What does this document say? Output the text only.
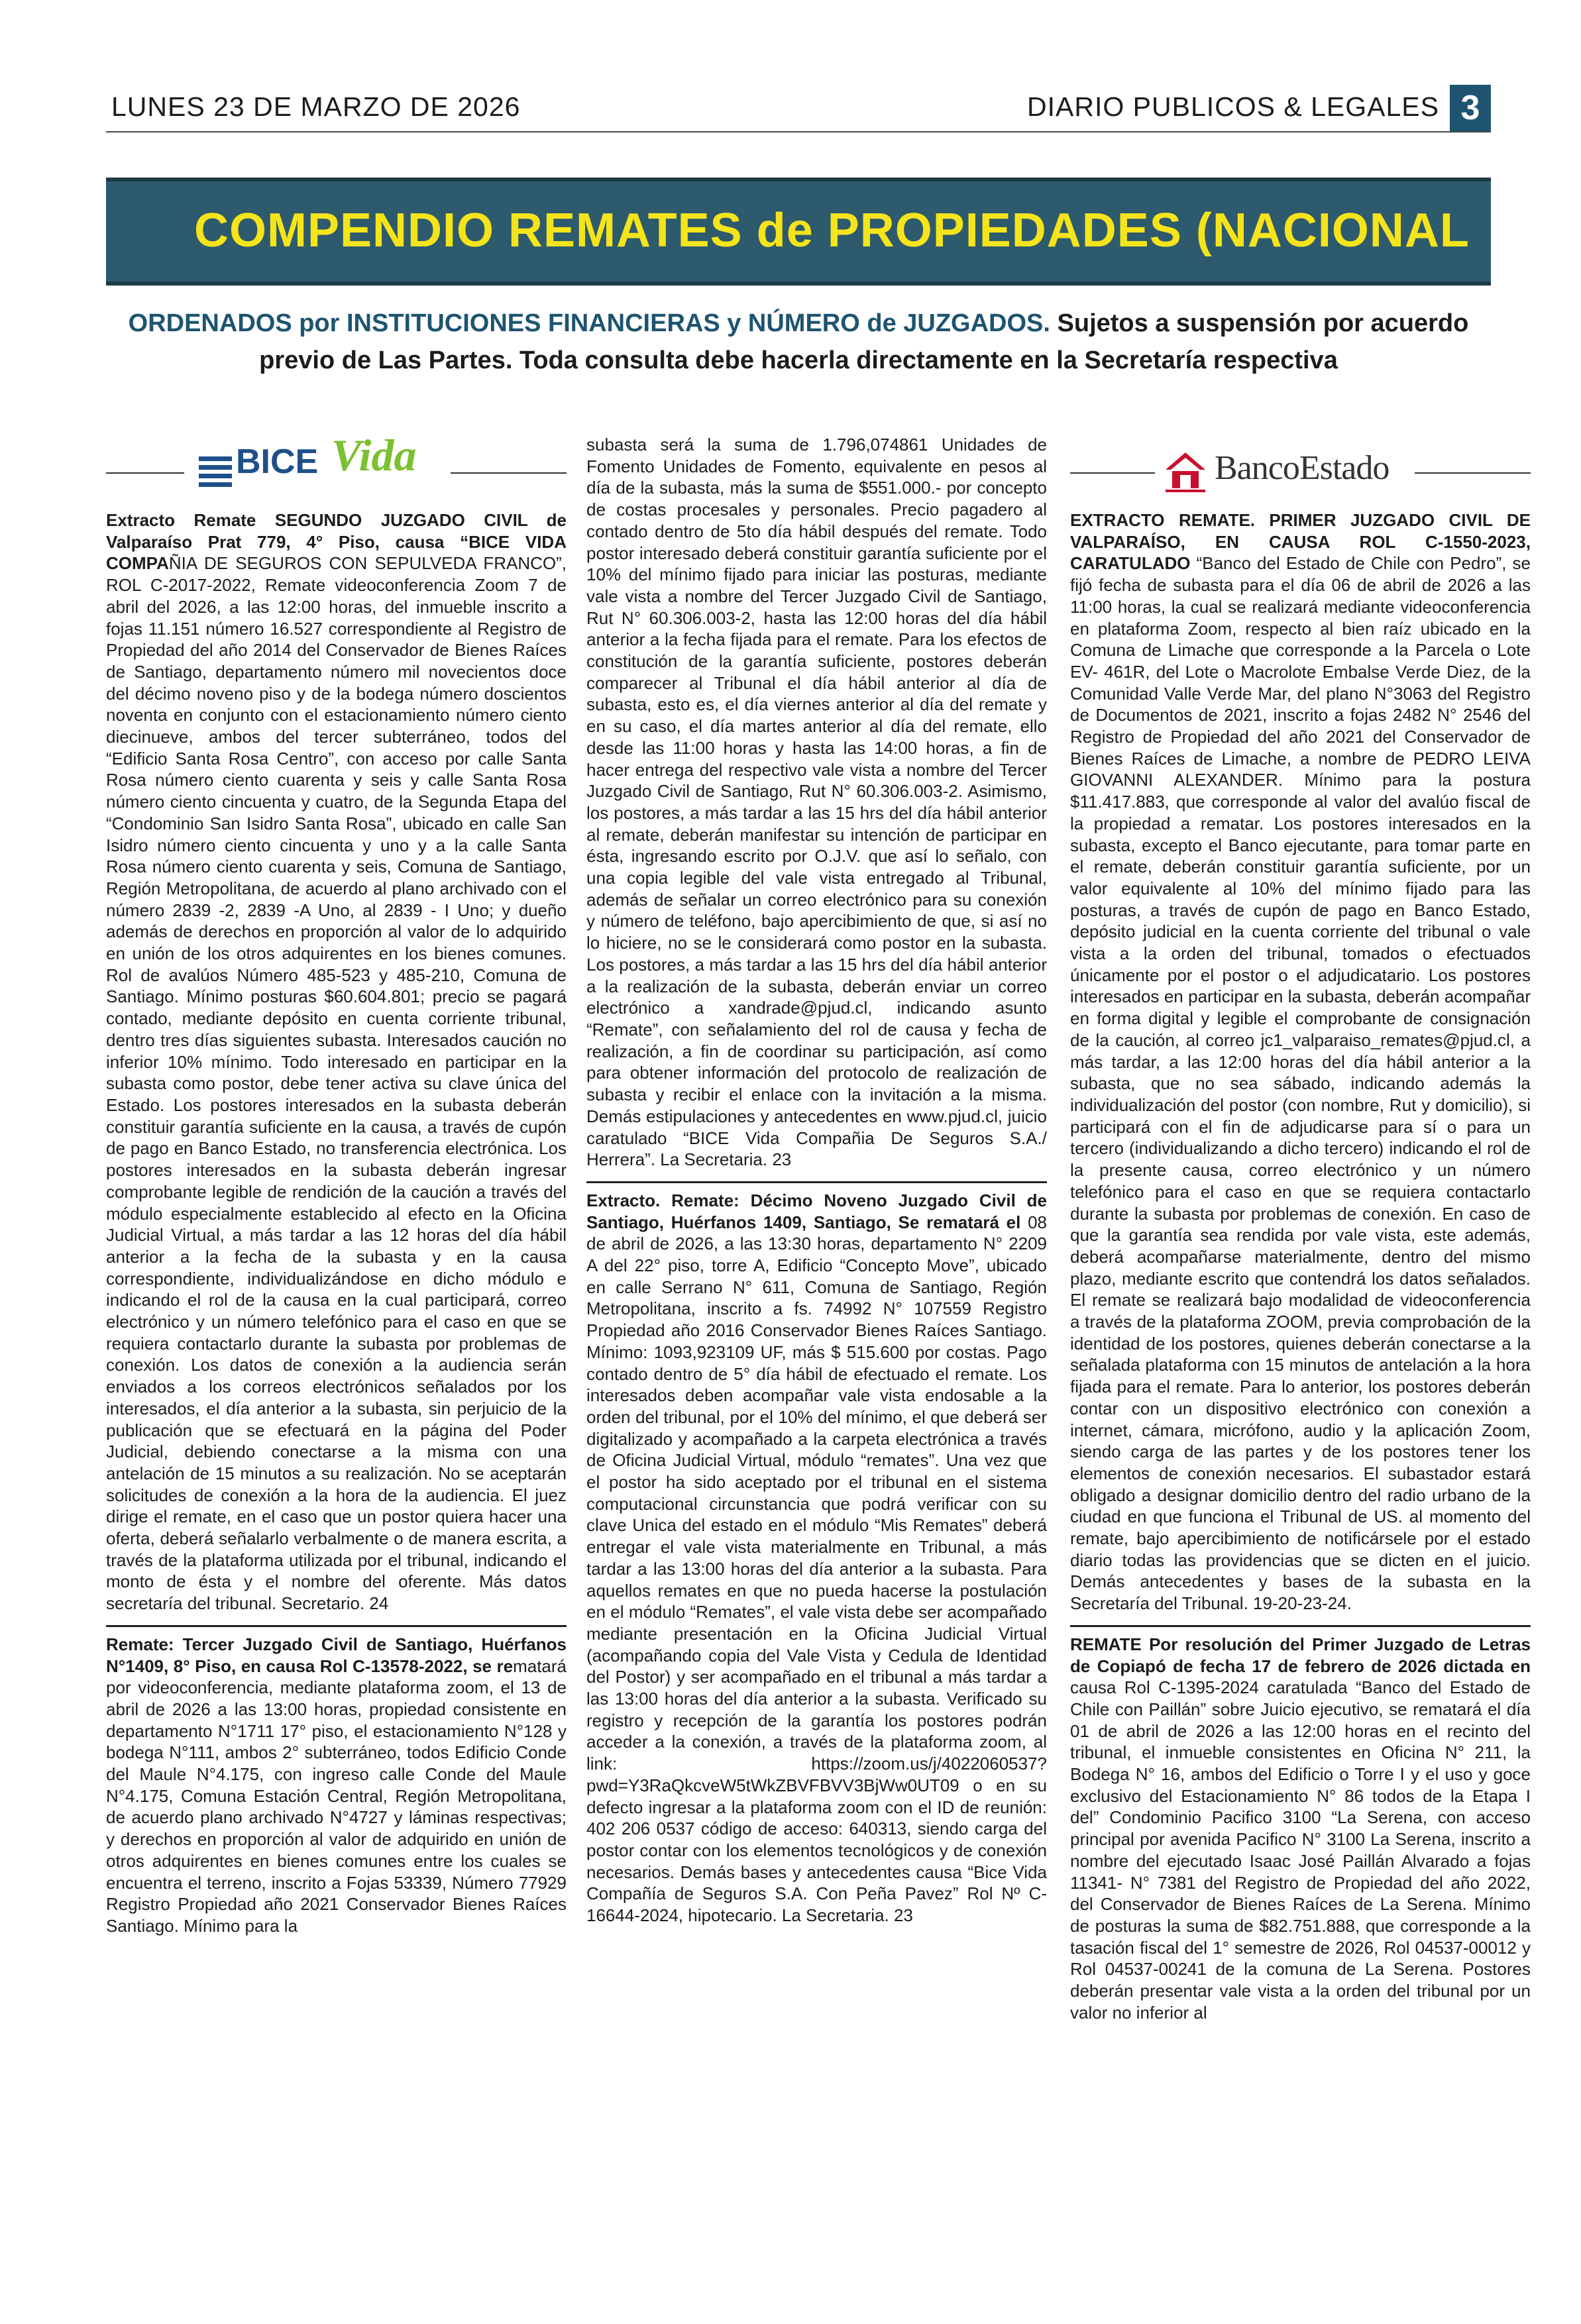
LUNES 23 DE MARZO DE 2026	DIARIO PUBLICOS & LEGALES 3
COMPENDIO REMATES de PROPIEDADES (NACIONAL
ORDENADOS por INSTITUCIONES FINANCIERAS y NÚMERO de JUZGADOS. Sujetos a suspensión por acuerdo previo de Las Partes. Toda consulta debe hacerla directamente en la Secretaría respectiva
BICE Vida

Extracto Remate SEGUNDO JUZGADO CIVIL de Valparaíso Prat 779, 4° Piso, causa “BICE VIDA COMPAÑIA DE SEGUROS CON SEPULVEDA FRANCO”, ROL C-2017-2022, Remate videoconferencia Zoom 7 de abril del 2026, a las 12:00 horas, del inmueble inscrito a fojas 11.151 número 16.527 correspondiente al Registro de Propiedad del año 2014 del Conservador de Bienes Raíces de Santiago, departamento número mil novecientos doce del décimo noveno piso y de la bodega número doscientos noventa en conjunto con el estacionamiento número ciento diecinueve, ambos del tercer subterráneo, todos del “Edificio Santa Rosa Centro”, con acceso por calle Santa Rosa número ciento cuarenta y seis y calle Santa Rosa número ciento cincuenta y cuatro, de la Segunda Etapa del “Condominio San Isidro Santa Rosa”, ubicado en calle San Isidro número ciento cincuenta y uno y a la calle Santa Rosa número ciento cuarenta y seis, Comuna de Santiago, Región Metropolitana, de acuerdo al plano archivado con el número 2839 -2, 2839 -A Uno, al 2839 - I Uno; y dueño además de derechos en proporción al valor de lo adquirido en unión de los otros adquirentes en los bienes comunes. Rol de avalúos Número 485-523 y 485-210, Comuna de Santiago. Mínimo posturas $60.604.801; precio se pagará contado, mediante depósito en cuenta corriente tribunal, dentro tres días siguientes subasta. Interesados caución no inferior 10% mínimo. Todo interesado en participar en la subasta como postor, debe tener activa su clave única del Estado. Los postores interesados en la subasta deberán constituir garantía suficiente en la causa, a través de cupón de pago en Banco Estado, no transferencia electrónica. Los postores interesados en la subasta deberán ingresar comprobante legible de rendición de la caución a través del módulo especialmente establecido al efecto en la Oficina Judicial Virtual, a más tardar a las 12 horas del día hábil anterior a la fecha de la subasta y en la causa correspondiente, individualizándose en dicho módulo e indicando el rol de la causa en la cual participará, correo electrónico y un número telefónico para el caso en que se requiera contactarlo durante la subasta por problemas de conexión. Los datos de conexión a la audiencia serán enviados a los correos electrónicos señalados por los interesados, el día anterior a la subasta, sin perjuicio de la publicación que se efectuará en la página del Poder Judicial, debiendo conectarse a la misma con una antelación de 15 minutos a su realización. No se aceptarán solicitudes de conexión a la hora de la audiencia. El juez dirige el remate, en el caso que un postor quiera hacer una oferta, deberá señalarlo verbalmente o de manera escrita, a través de la plataforma utilizada por el tribunal, indicando el monto de ésta y el nombre del oferente. Más datos secretaría del tribunal. Secretario. 24

Remate: Tercer Juzgado Civil de Santiago, Huérfanos N°1409, 8° Piso, en causa Rol C-13578-2022, se rematará por videoconferencia, mediante plataforma zoom, el 13 de abril de 2026 a las 13:00 horas, propiedad consistente en departamento N°1711 17° piso, el estacionamiento N°128 y bodega N°111, ambos 2° subterráneo, todos Edificio Conde del Maule N°4.175, con ingreso calle Conde del Maule N°4.175, Comuna Estación Central, Región Metropolitana, de acuerdo plano archivado N°4727 y láminas respectivas; y derechos en proporción al valor de adquirido en unión de otros adquirentes en bienes comunes entre los cuales se encuentra el terreno, inscrito a Fojas 53339, Número 77929 Registro Propiedad año 2021 Conservador Bienes Raíces Santiago. Mínimo para la

subasta será la suma de 1.796,074861 Unidades de Fomento Unidades de Fomento, equivalente en pesos al día de la subasta, más la suma de $551.000.- por concepto de costas procesales y personales. Precio pagadero al contado dentro de 5to día hábil después del remate. Todo postor interesado deberá constituir garantía suficiente por el 10% del mínimo fijado para iniciar las posturas, mediante vale vista a nombre del Tercer Juzgado Civil de Santiago, Rut N° 60.306.003-2, hasta las 12:00 horas del día hábil anterior a la fecha fijada para el remate. Para los efectos de constitución de la garantía suficiente, postores deberán comparecer al Tribunal el día hábil anterior al día de subasta, esto es, el día viernes anterior al día del remate y en su caso, el día martes anterior al día del remate, ello desde las 11:00 horas y hasta las 14:00 horas, a fin de hacer entrega del respectivo vale vista a nombre del Tercer Juzgado Civil de Santiago, Rut N° 60.306.003-2. Asimismo, los postores, a más tardar a las 15 hrs del día hábil anterior al remate, deberán manifestar su intención de participar en ésta, ingresando escrito por O.J.V. que así lo señalo, con una copia legible del vale vista entregado al Tribunal, además de señalar un correo electrónico para su conexión y número de teléfono, bajo apercibimiento de que, si así no lo hiciere, no se le considerará como postor en la subasta. Los postores, a más tardar a las 15 hrs del día hábil anterior a la realización de la subasta, deberán enviar un correo electrónico a xandrade@pjud.cl, indicando asunto “Remate”, con señalamiento del rol de causa y fecha de realización, a fin de coordinar su participación, así como para obtener información del protocolo de realización de subasta y recibir el enlace con la invitación a la misma. Demás estipulaciones y antecedentes en www.pjud.cl, juicio caratulado “BICE Vida Compañia De Seguros S.A./ Herrera”. La Secretaria. 23

Extracto. Remate: Décimo Noveno Juzgado Civil de Santiago, Huérfanos 1409, Santiago, Se rematará el 08 de abril de 2026, a las 13:30 horas, departamento N° 2209 A del 22° piso, torre A, Edificio “Concepto Move”, ubicado en calle Serrano N° 611, Comuna de Santiago, Región Metropolitana, inscrito a fs. 74992 N° 107559 Registro Propiedad año 2016 Conservador Bienes Raíces Santiago. Mínimo: 1093,923109 UF, más $ 515.600 por costas. Pago contado dentro de 5° día hábil de efectuado el remate. Los interesados deben acompañar vale vista endosable a la orden del tribunal, por el 10% del mínimo, el que deberá ser digitalizado y acompañado a la carpeta electrónica a través de Oficina Judicial Virtual, módulo “remates”. Una vez que el postor ha sido aceptado por el tribunal en el sistema computacional circunstancia que podrá verificar con su clave Unica del estado en el módulo “Mis Remates” deberá entregar el vale vista materialmente en Tribunal, a más tardar a las 13:00 horas del día anterior a la subasta. Para aquellos remates en que no pueda hacerse la postulación en el módulo “Remates”, el vale vista debe ser acompañado mediante presentación en la Oficina Judicial Virtual (acompañando copia del Vale Vista y Cedula de Identidad del Postor) y ser acompañado en el tribunal a más tardar a las 13:00 horas del día anterior a la subasta. Verificado su registro y recepción de la garantía los postores podrán acceder a la conexión, a través de la plataforma zoom, al link: https://zoom.us/j/4022060537?pwd=Y3RaQkcveW5tWkZBVFBVV3BjWw0UT09 o en su defecto ingresar a la plataforma zoom con el ID de reunión: 402 206 0537 código de acceso: 640313, siendo carga del postor contar con los elementos tecnológicos y de conexión necesarios. Demás bases y antecedentes causa “Bice Vida Compañía de Seguros S.A. Con Peña Pavez” Rol Nº C-16644-2024, hipotecario. La Secretaria. 23

BancoEstado

EXTRACTO REMATE. PRIMER JUZGADO CIVIL DE VALPARAÍSO, EN CAUSA ROL C-1550-2023, CARATULADO “Banco del Estado de Chile con Pedro”, se fijó fecha de subasta para el día 06 de abril de 2026 a las 11:00 horas, la cual se realizará mediante videoconferencia en plataforma Zoom, respecto al bien raíz ubicado en la Comuna de Limache que corresponde a la Parcela o Lote EV- 461R, del Lote o Macrolote Embalse Verde Diez, de la Comunidad Valle Verde Mar, del plano N°3063 del Registro de Documentos de 2021, inscrito a fojas 2482 N° 2546 del Registro de Propiedad del año 2021 del Conservador de Bienes Raíces de Limache, a nombre de PEDRO LEIVA GIOVANNI ALEXANDER. Mínimo para la postura $11.417.883, que corresponde al valor del avalúo fiscal de la propiedad a rematar. Los postores interesados en la subasta, excepto el Banco ejecutante, para tomar parte en el remate, deberán constituir garantía suficiente, por un valor equivalente al 10% del mínimo fijado para las posturas, a través de cupón de pago en Banco Estado, depósito judicial en la cuenta corriente del tribunal o vale vista a la orden del tribunal, tomados o efectuados únicamente por el postor o el adjudicatario. Los postores interesados en participar en la subasta, deberán acompañar en forma digital y legible el comprobante de consignación de la caución, al correo jc1_valparaiso_remates@pjud.cl, a más tardar, a las 12:00 horas del día hábil anterior a la subasta, que no sea sábado, indicando además la individualización del postor (con nombre, Rut y domicilio), si participará con el fin de adjudicarse para sí o para un tercero (individualizando a dicho tercero) indicando el rol de la presente causa, correo electrónico y un número telefónico para el caso en que se requiera contactarlo durante la subasta por problemas de conexión. En caso de que la garantía sea rendida por vale vista, este además, deberá acompañarse materialmente, dentro del mismo plazo, mediante escrito que contendrá los datos señalados. El remate se realizará bajo modalidad de videoconferencia a través de la plataforma ZOOM, previa comprobación de la identidad de los postores, quienes deberán conectarse a la señalada plataforma con 15 minutos de antelación a la hora fijada para el remate. Para lo anterior, los postores deberán contar con un dispositivo electrónico con conexión a internet, cámara, micrófono, audio y la aplicación Zoom, siendo carga de las partes y de los postores tener los elementos de conexión necesarios. El subastador estará obligado a designar domicilio dentro del radio urbano de la ciudad en que funciona el Tribunal de US. al momento del remate, bajo apercibimiento de notificársele por el estado diario todas las providencias que se dicten en el juicio. Demás antecedentes y bases de la subasta en la Secretaría del Tribunal. 19-20-23-24.

REMATE Por resolución del Primer Juzgado de Letras de Copiapó de fecha 17 de febrero de 2026 dictada en causa Rol C-1395-2024 caratulada “Banco del Estado de Chile con Paillán” sobre Juicio ejecutivo, se rematará el día 01 de abril de 2026 a las 12:00 horas en el recinto del tribunal, el inmueble consistentes en Oficina N° 211, la Bodega N° 16, ambos del Edificio o Torre I y el uso y goce exclusivo del Estacionamiento N° 86 todos de la Etapa I del” Condominio Pacifico 3100 “La Serena, con acceso principal por avenida Pacifico N° 3100 La Serena, inscrito a nombre del ejecutado Isaac José Paillán Alvarado a fojas 11341- N° 7381 del Registro de Propiedad del año 2022, del Conservador de Bienes Raíces de La Serena. Mínimo de posturas la suma de $82.751.888, que corresponde a la tasación fiscal del 1° semestre de 2026, Rol 04537-00012 y Rol 04537-00241 de la comuna de La Serena. Postores deberán presentar vale vista a la orden del tribunal por un valor no inferior al
